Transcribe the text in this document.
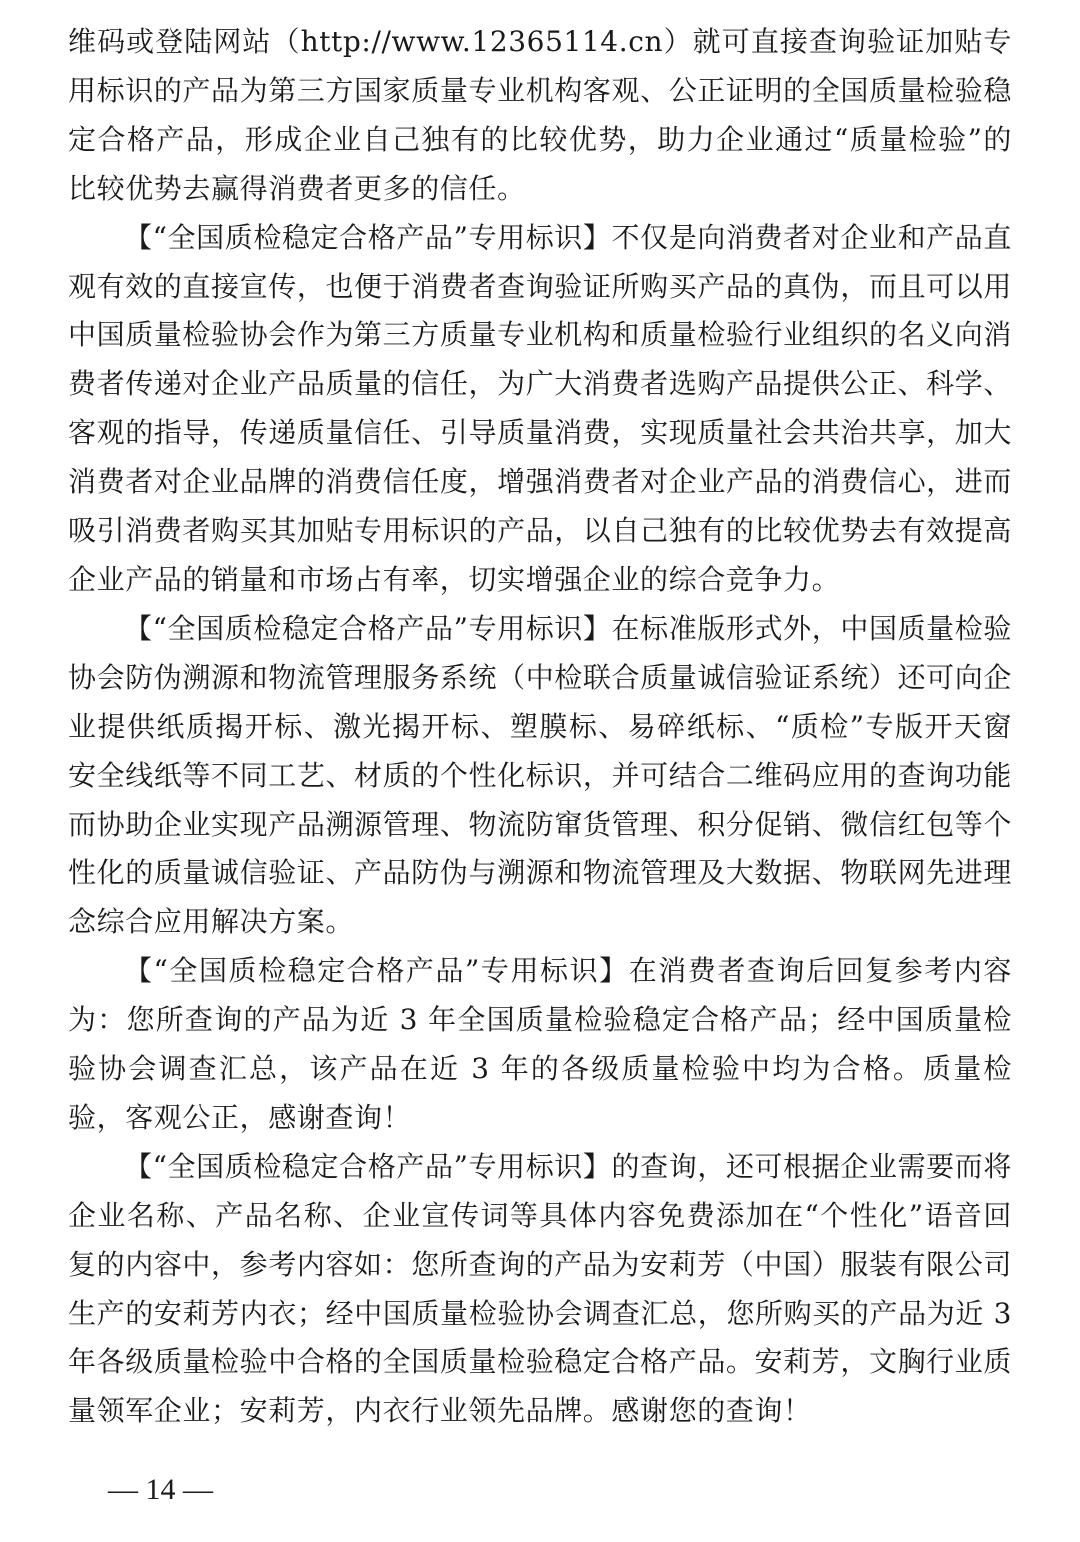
维码或登陆网站（http://www.12365114.cn）就可直接查询验证加贴专用标识的产品为第三方国家质量专业机构客观、公正证明的全国质量检验稳定合格产品，形成企业自己独有的比较优势，助力企业通过“质量检验”的比较优势去赢得消费者更多的信任。

【“全国质检稳定合格产品”专用标识】不仅是向消费者对企业和产品直观有效的直接宣传，也便于消费者查询验证所购买产品的真伪，而且可以用中国质量检验协会作为第三方质量专业机构和质量检验行业组织的名义向消费者传递对企业产品质量的信任，为广大消费者选购产品提供公正、科学、客观的指导，传递质量信任、引导质量消费，实现质量社会共治共享，加大消费者对企业品牌的消费信任度，增强消费者对企业产品的消费信心，进而吸引消费者购买其加贴专用标识的产品，以自己独有的比较优势去有效提高企业产品的销量和市场占有率，切实增强企业的综合竞争力。

【“全国质检稳定合格产品”专用标识】在标准版形式外，中国质量检验协会防伪溯源和物流管理服务系统（中检联合质量诚信验证系统）还可向企业提供纸质揭开标、激光揭开标、塑膜标、易碎纸标、“质检”专版开天窗安全线纸等不同工艺、材质的个性化标识，并可结合二维码应用的查询功能而协助企业实现产品溯源管理、物流防窜货管理、积分促销、微信红包等个性化的质量诚信验证、产品防伪与溯源和物流管理及大数据、物联网先进理念综合应用解决方案。

【“全国质检稳定合格产品”专用标识】在消费者查询后回复参考内容为：您所查询的产品为近 3 年全国质量检验稳定合格产品；经中国质量检验协会调查汇总，该产品在近 3 年的各级质量检验中均为合格。质量检验，客观公正，感谢查询！

【“全国质检稳定合格产品”专用标识】的查询，还可根据企业需要而将企业名称、产品名称、企业宣传词等具体内容免费添加在“个性化”语音回复的内容中，参考内容如：您所查询的产品为安莉芳（中国）服装有限公司生产的安莉芳内衣；经中国质量检验协会调查汇总，您所购买的产品为近 3 年各级质量检验中合格的全国质量检验稳定合格产品。安莉芳，文胸行业质量领军企业；安莉芳，内衣行业领先品牌。感谢您的查询！

— 14 —
